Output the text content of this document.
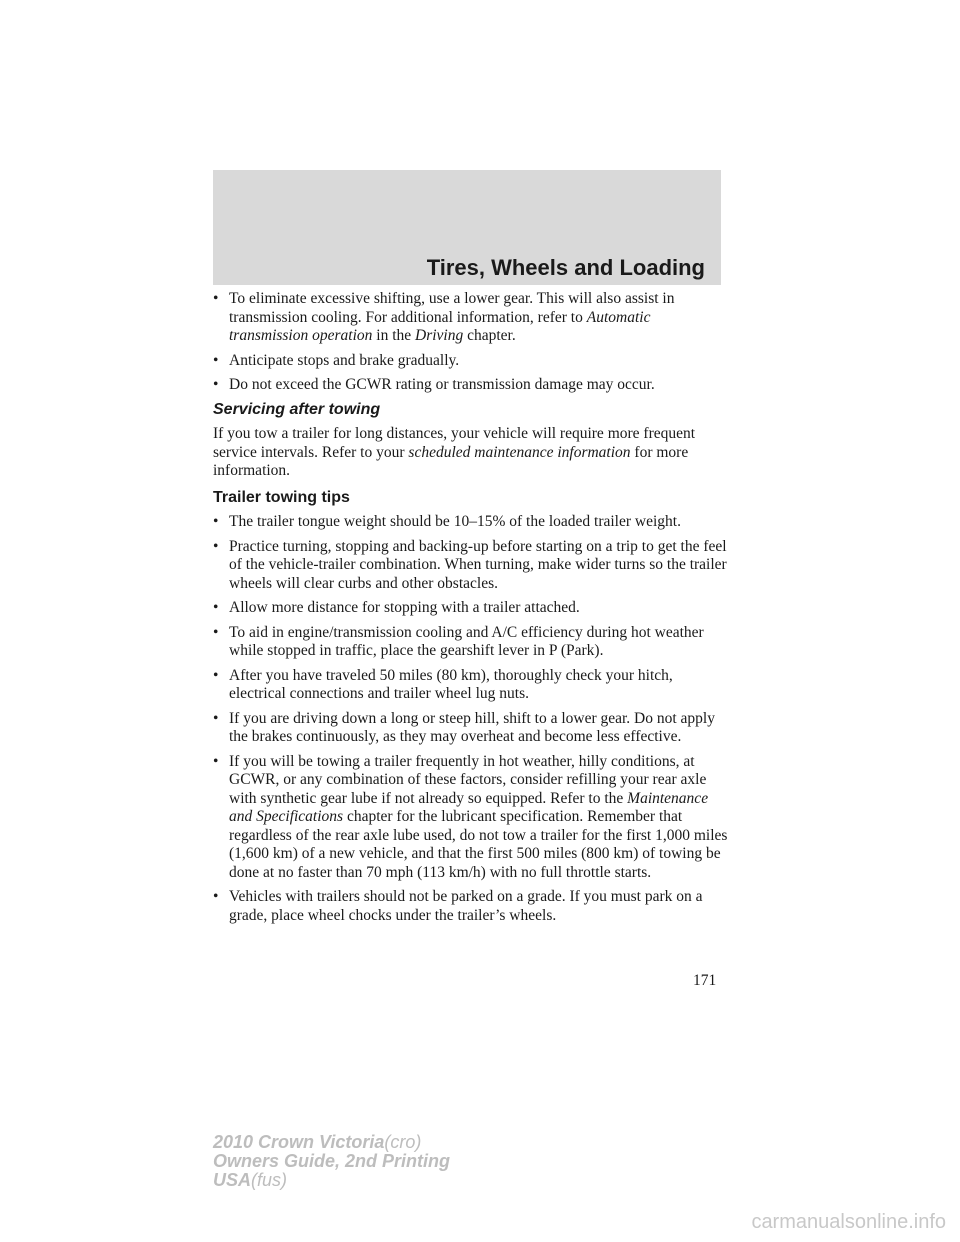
Tires, Wheels and Loading
• To eliminate excessive shifting, use a lower gear. This will also assist in transmission cooling. For additional information, refer to Automatic transmission operation in the Driving chapter.
• Anticipate stops and brake gradually.
• Do not exceed the GCWR rating or transmission damage may occur.
Servicing after towing
If you tow a trailer for long distances, your vehicle will require more frequent service intervals. Refer to your scheduled maintenance information for more information.
Trailer towing tips
• The trailer tongue weight should be 10–15% of the loaded trailer weight.
• Practice turning, stopping and backing-up before starting on a trip to get the feel of the vehicle-trailer combination. When turning, make wider turns so the trailer wheels will clear curbs and other obstacles.
• Allow more distance for stopping with a trailer attached.
• To aid in engine/transmission cooling and A/C efficiency during hot weather while stopped in traffic, place the gearshift lever in P (Park).
• After you have traveled 50 miles (80 km), thoroughly check your hitch, electrical connections and trailer wheel lug nuts.
• If you are driving down a long or steep hill, shift to a lower gear. Do not apply the brakes continuously, as they may overheat and become less effective.
• If you will be towing a trailer frequently in hot weather, hilly conditions, at GCWR, or any combination of these factors, consider refilling your rear axle with synthetic gear lube if not already so equipped. Refer to the Maintenance and Specifications chapter for the lubricant specification. Remember that regardless of the rear axle lube used, do not tow a trailer for the first 1,000 miles (1,600 km) of a new vehicle, and that the first 500 miles (800 km) of towing be done at no faster than 70 mph (113 km/h) with no full throttle starts.
• Vehicles with trailers should not be parked on a grade. If you must park on a grade, place wheel chocks under the trailer’s wheels.
171
2010 Crown Victoria(cro)
Owners Guide, 2nd Printing
USA(fus)
carmanualsonline.info
